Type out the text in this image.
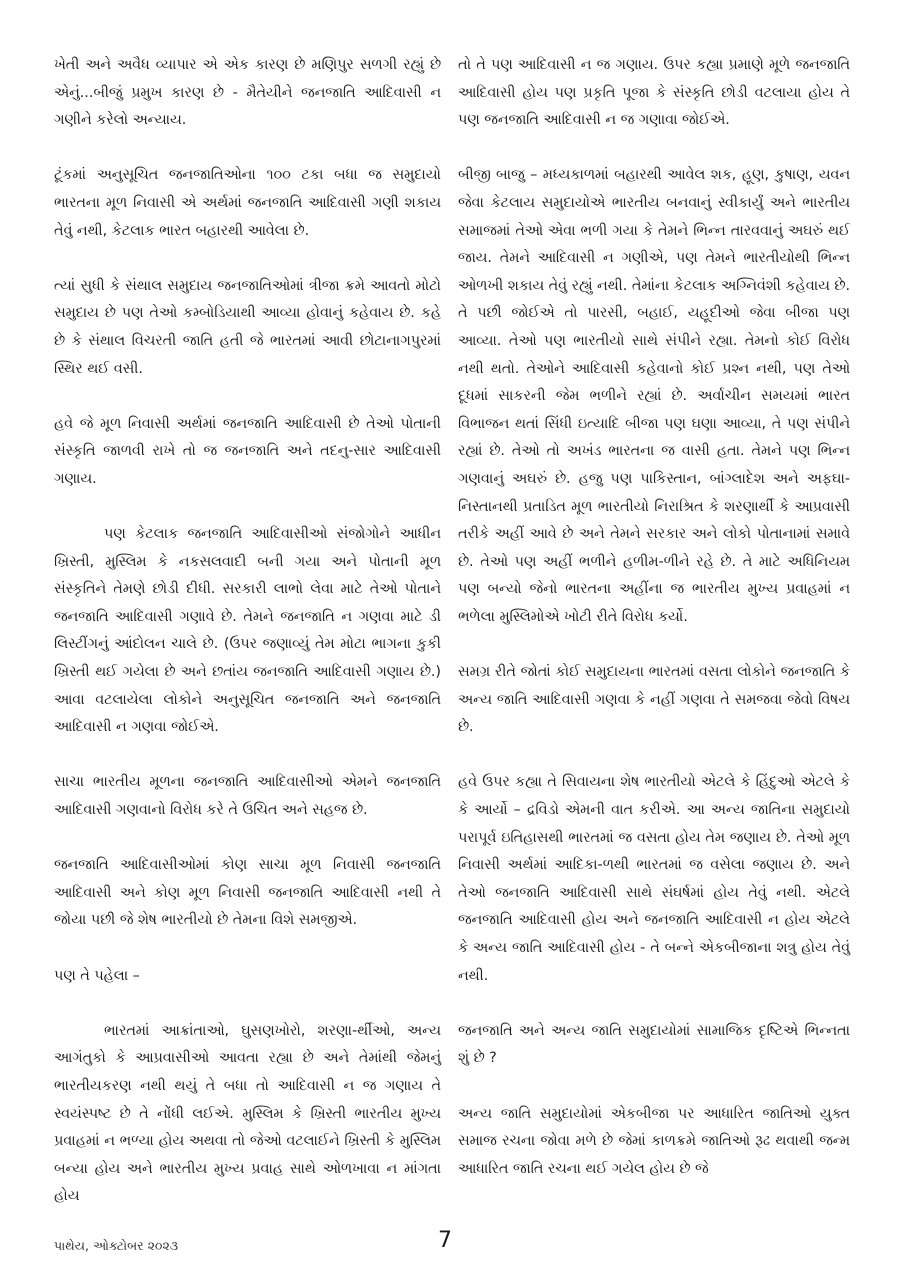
ખેતી અને અવૈધ વ્યાપાર એ એક કારણ છે મણિપુર સળગી રહ્યું છે એનું...બીજું પ્રમુખ કારણ છે - મૈતેયીને જનજાતિ આદિવાસી ન ગણીને કરેલો અન્યાય.

ટૂંકમાં અનુસૂચિત જનજાતિઓના ૧૦૦ ટકા બધા જ સમુદાયો ભારતના મૂળ નિવાસી એ અર્થમાં જનજાતિ આદિવાસી ગણી શકાય તેવું નથી, કેટલાક ભારત બહારથી આવેલા છે.

ત્યાં સુધી કે સંથાલ સમુદાય જનજાતિઓમાં ત્રીજા ક્રમે આવતો મોટો સમુદાય છે પણ તેઓ કમ્બોડિયાથી આવ્યા હોવાનું કહેવાય છે. કહે છે કે સંથાલ વિચરતી જાતિ હતી જે ભારતમાં આવી છોટાનાગપુરમાં સ્થિર થઈ વસી.

હવે જે મૂળ નિવાસી અર્થમાં જનજાતિ આદિવાસી છે તેઓ પોતાની સંસ્કૃતિ જાળવી રાખે તો જ જનજાતિ અને તદનુ-સાર આદિવાસી ગણાય.

પણ કેટલાક જનજાતિ આદિવાસીઓ સંજોગોને આધીન ખ્રિસ્તી, મુસ્લિમ કે નકસલવાદી બની ગયા અને પોતાની મૂળ સંસ્કૃતિને તેમણે છોડી દીધી. સરકારી લાભો લેવા માટે તેઓ પોતાને જનજાતિ આદિવાસી ગણાવે છે. તેમને જનજાતિ ન ગણવા માટે ડી લિસ્ટીંગનું આંદોલન ચાલે છે. (ઉપર જણાવ્યું તેમ મોટા ભાગના કુકી ખ્રિસ્તી થઈ ગયેલા છે અને છતાંય જનજાતિ આદિવાસી ગણાય છે.) આવા વટલાયેલા લોકોને અનુસૂચિત જનજાતિ અને જનજાતિ આદિવાસી ન ગણવા જોઈએ.

સાચા ભારતીય મૂળના જનજાતિ આદિવાસીઓ એમને જનજાતિ આદિવાસી ગણવાનો વિરોધ કરે તે ઉચિત અને સહજ છે.

જનજાતિ આદિવાસીઓમાં કોણ સાચા મૂળ નિવાસી જનજાતિ આદિવાસી અને કોણ મૂળ નિવાસી જનજાતિ આદિવાસી નથી તે જોયા પછી જે શેષ ભારતીયો છે તેમના વિશે સમજીએ.

પણ તે પહેલા –

ભારતમાં આક્રાંતાઓ, ઘુસણખોરો, શરણા-ર્થીઓ, અન્ય આગંતુકો કે આપ્રવાસીઓ આવતા રહ્યા છે અને તેમાંથી જેમનું ભારતીયકરણ નથી થયું તે બધા તો આદિવાસી ન જ ગણાય તે સ્વયંસ્પષ્ટ છે તે નોંધી લઈએ. મુસ્લિમ કે ખ્રિસ્તી ભારતીય મુખ્ય પ્રવાહમાં ન ભળ્યા હોય અથવા તો જેઓ વટલાઈને ખ્રિસ્તી કે મુસ્લિમ બન્યા હોય અને ભારતીય મુખ્ય પ્રવાહ સાથે ઓળખાવા ન માંગતા હોય

તો તે પણ આદિવાસી ન જ ગણાય. ઉપર કહ્યા પ્રમાણે મૂળે જનજાતિ આદિવાસી હોય પણ પ્રકૃતિ પૂજા કે સંસ્કૃતિ છોડી વટલાયા હોય તે પણ જનજાતિ આદિવાસી ન જ ગણાવા જોઈએ.

બીજી બાજુ – મધ્યકાળમાં બહારથી આવેલ શક, હૂણ, કુષાણ, યવન જેવા કેટલાય સમુદાયોએ ભારતીય બનવાનું સ્વીકાર્યું અને ભારતીય સમાજમાં તેઓ એવા ભળી ગયા કે તેમને ભિન્ન તારવવાનું અઘરું થઈ જાય. તેમને આદિવાસી ન ગણીએ, પણ તેમને ભારતીયોથી ભિન્ન ઓળખી શકાય તેવું રહ્યું નથી. તેમાંના કેટલાક અગ્નિવંશી કહેવાય છે. તે પછી જોઈએ તો પારસી, બહાઈ, યહૂદીઓ જેવા બીજા પણ આવ્યા. તેઓ પણ ભારતીયો સાથે સંપીને રહ્યા. તેમનો કોઈ વિરોધ નથી થતો. તેઓને આદિવાસી કહેવાનો કોઈ પ્રશ્ન નથી, પણ તેઓ દૂધમાં સાકરની જેમ ભળીને રહ્યાં છે. અર્વાચીન સમયમાં ભારત વિભાજન થતાં સિંધી ઇત્યાદિ બીજા પણ ઘણા આવ્યા, તે પણ સંપીને રહ્યાં છે. તેઓ તો અખંડ ભારતના જ વાસી હતા. તેમને પણ ભિન્ન ગણવાનું અઘરું છે. હજુ પણ પાકિસ્તાન, બાંગ્લાદેશ અને અફઘા-નિસ્તાનથી પ્રતાડિત મૂળ ભારતીયો નિરાશ્રિત કે શરણાર્થી કે આપ્રવાસી તરીકે અહીં આવે છે અને તેમને સરકાર અને લોકો પોતાનામાં સમાવે છે. તેઓ પણ અહીં ભળીને હળીમ-ળીને રહે છે. તે માટે અધિનિયમ પણ બન્યો જેનો ભારતના અહીંના જ ભારતીય મુખ્ય પ્રવાહમાં ન ભળેલા મુસ્લિમોએ ખોટી રીતે વિરોધ કર્યો.

સમગ્ર રીતે જોતાં કોઈ સમુદાયના ભારતમાં વસતા લોકોને જનજાતિ કે અન્ય જાતિ આદિવાસી ગણવા કે નહીં ગણવા તે સમજવા જેવો વિષય છે.

હવે ઉપર કહ્યા તે સિવાયના શેષ ભારતીયો એટલે કે હિંદુઓ એટલે કે કે આર્યો – દ્રવિડો એમની વાત કરીએ. આ અન્ય જાતિના સમુદાયો પરાપૂર્વ ઇતિહાસથી ભારતમાં જ વસતા હોય તેમ જણાય છે. તેઓ મૂળ નિવાસી અર્થમાં આદિકા-ળથી ભારતમાં જ વસેલા જણાય છે. અને તેઓ જનજાતિ આદિવાસી સાથે સંઘર્ષમાં હોય તેવું નથી. એટલે જનજાતિ આદિવાસી હોય અને જનજાતિ આદિવાસી ન હોય એટલે કે અન્ય જાતિ આદિવાસી હોય - તે બન્ને એકબીજાના શત્રુ હોય તેવું નથી.

જનજાતિ અને અન્ય જાતિ સમુદાયોમાં સામાજિક દૃષ્ટિએ ભિન્નતા શું છે ?

અન્ય જાતિ સમુદાયોમાં એકબીજા પર આધારિત જાતિઓ યુક્ત સમાજ રચના જોવા મળે છે જેમાં કાળક્રમે જાતિઓ રૂઢ થવાથી જન્મ આધારિત જાતિ રચના થઈ ગયેલ હોય છે જે

પાથેય, ઓક્ટોબર ૨૦૨૩	7
